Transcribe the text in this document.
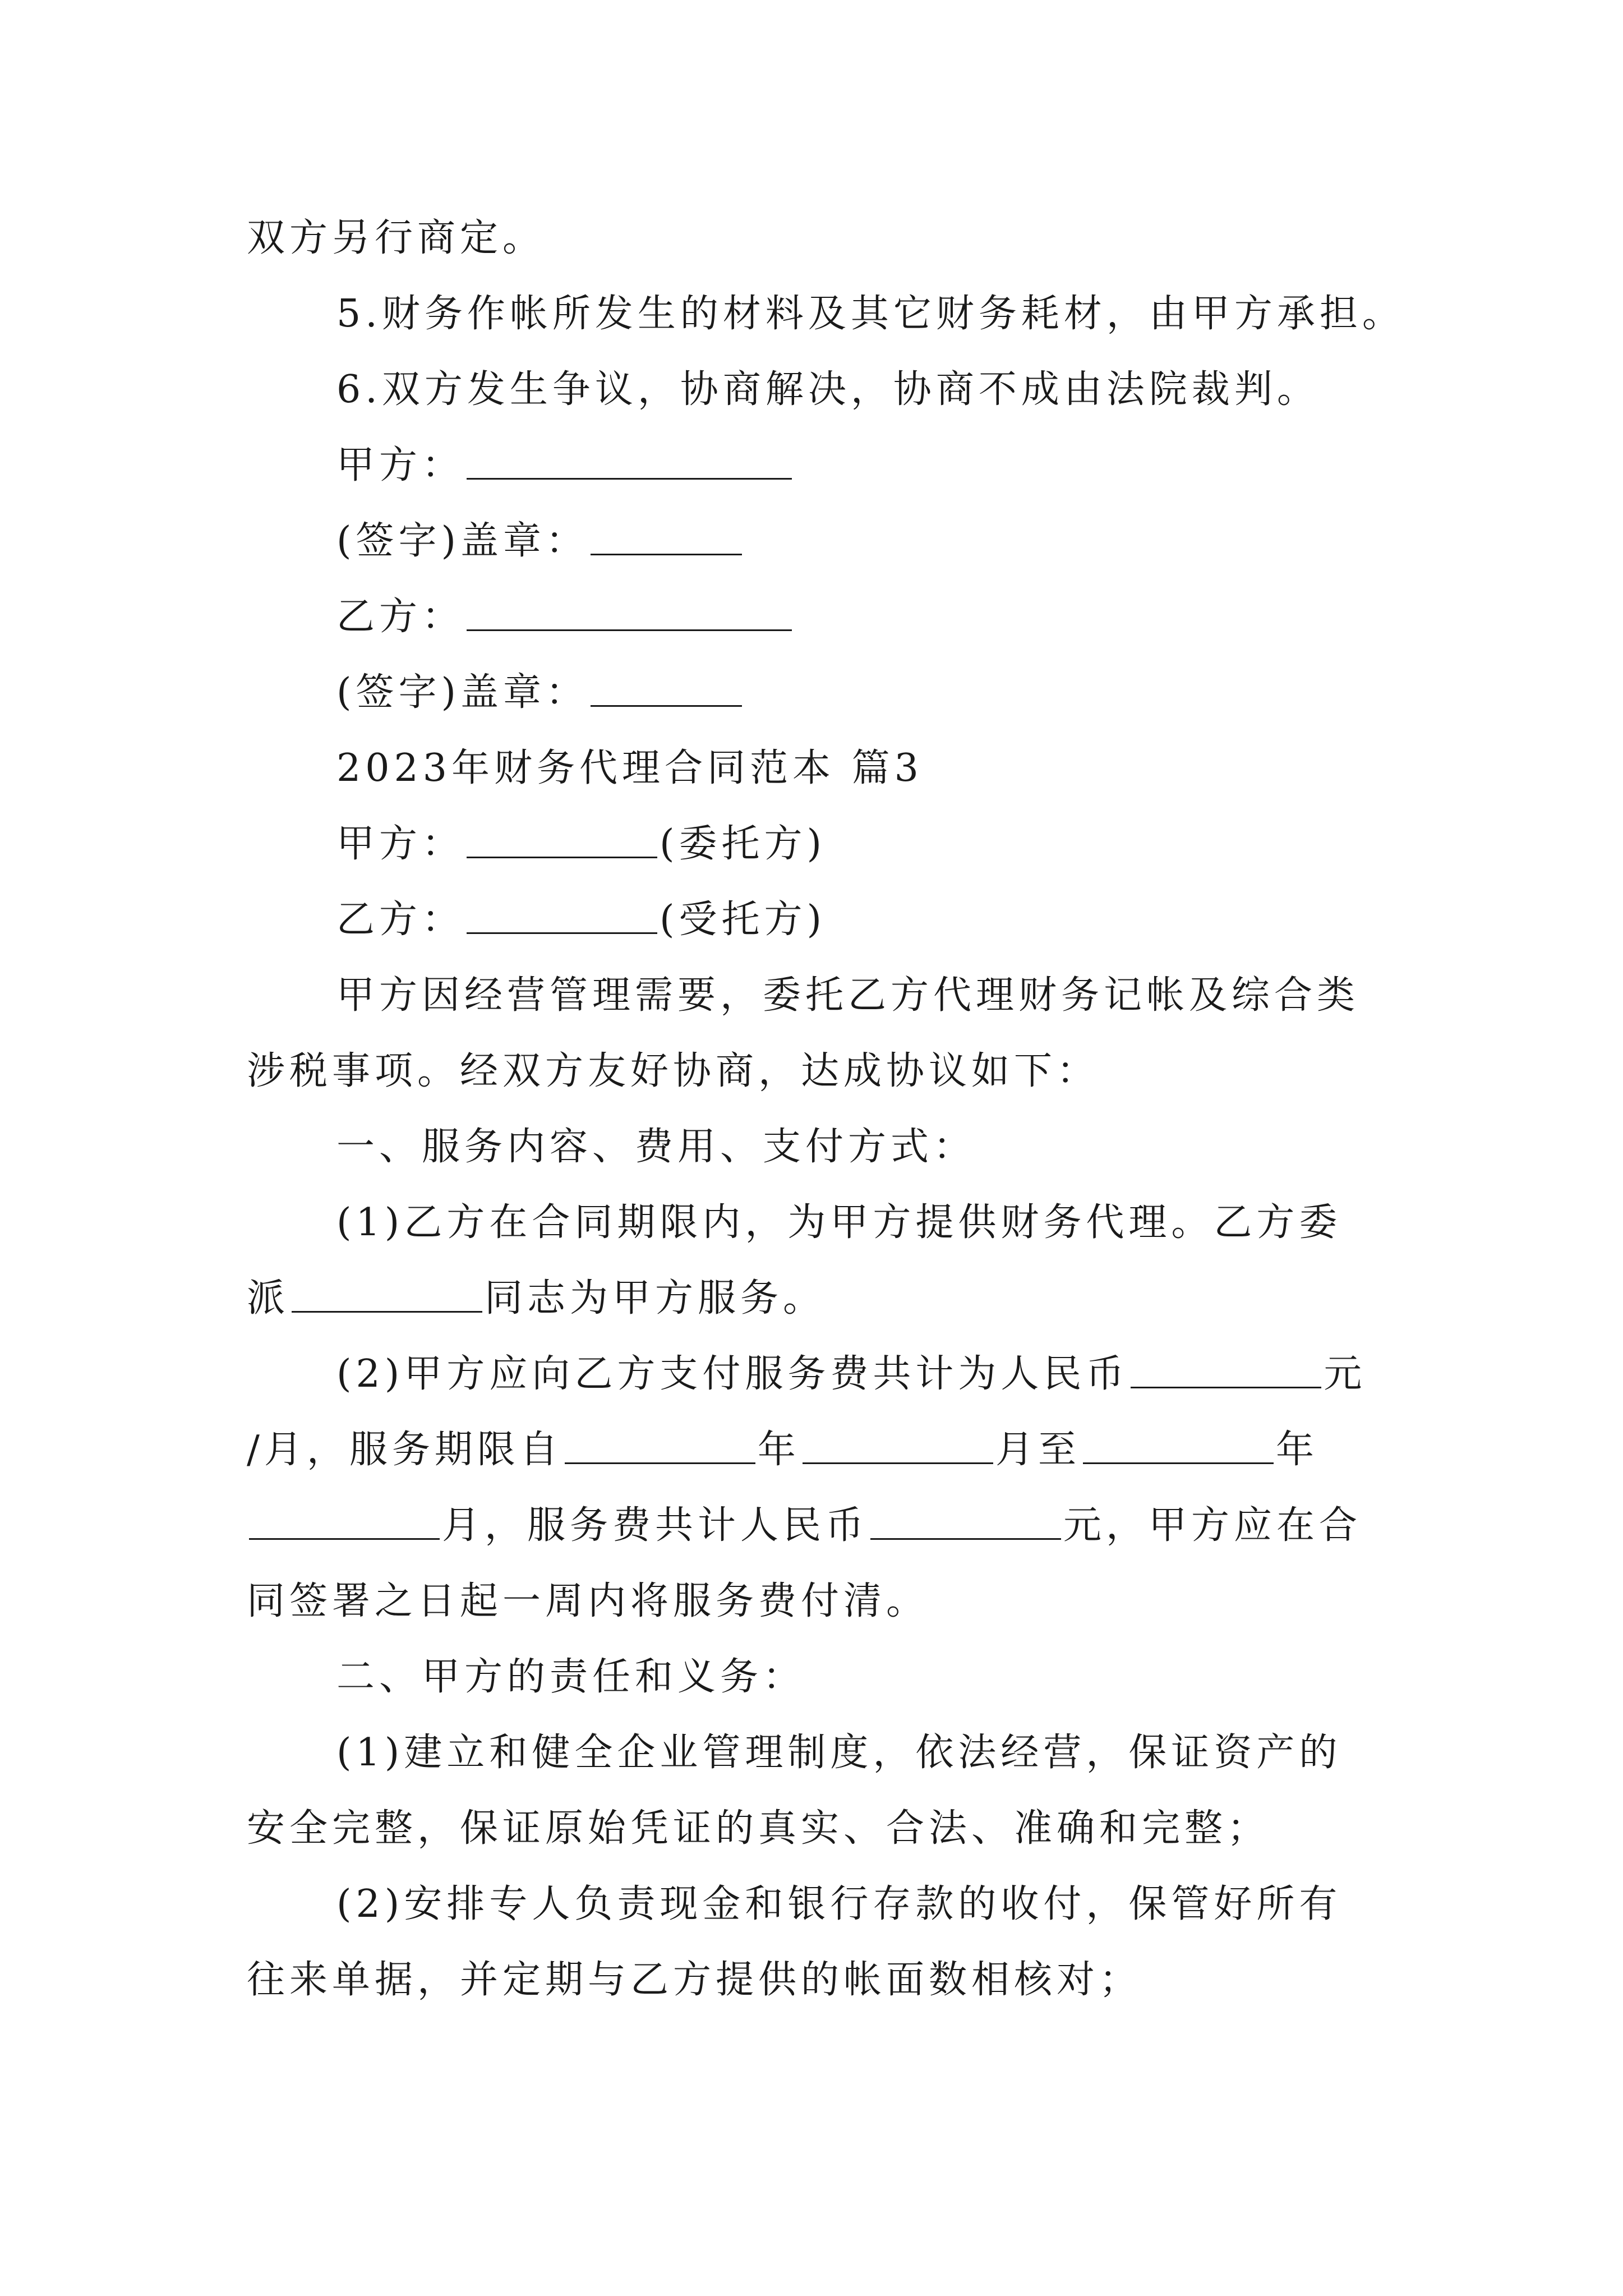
双方另行商定。
5.财务作帐所发生的材料及其它财务耗材，由甲方承担。
6.双方发生争议，协商解决，协商不成由法院裁判。
甲方：
(签字)盖章：
乙方：
(签字)盖章：
2023年财务代理合同范本 篇3
甲方：	(委托方)
乙方：	(受托方)
甲方因经营管理需要，委托乙方代理财务记帐及综合类
涉税事项。经双方友好协商，达成协议如下：
一、服务内容、费用、支付方式：
(1)乙方在合同期限内，为甲方提供财务代理。乙方委
派	同志为甲方服务。
(2)甲方应向乙方支付服务费共计为人民币	元
/月，服务期限自	年	月至	年
月，服务费共计人民币	元，甲方应在合
同签署之日起一周内将服务费付清。
二、甲方的责任和义务：
(1)建立和健全企业管理制度，依法经营，保证资产的
安全完整，保证原始凭证的真实、合法、准确和完整；
(2)安排专人负责现金和银行存款的收付，保管好所有
往来单据，并定期与乙方提供的帐面数相核对；
